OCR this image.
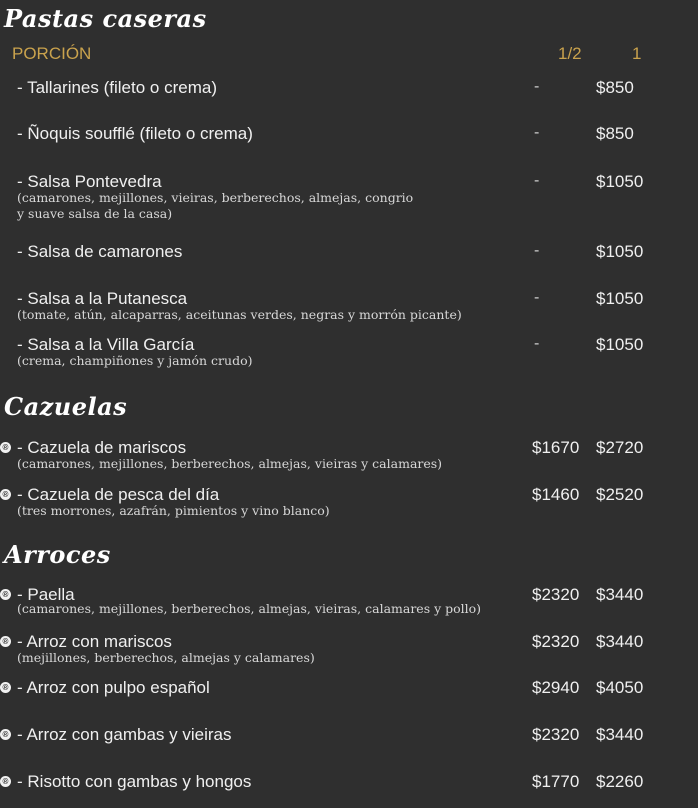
Pastas caseras
PORCIÓN	1/2	1
- Tallarines (fileto o crema)	-	$850
- Ñoquis soufflé (fileto o crema)	-	$850
- Salsa Pontevedra
(camarones, mejillones, vieiras, berberechos, almejas, congrio
y suave salsa de la casa)
-	$1050
- Salsa de camarones	-	$1050
- Salsa a la Putanesca
(tomate, atún, alcaparras, aceitunas verdes, negras y morrón picante)
-	$1050
- Salsa a la Villa García
(crema, champiñones y jamón crudo)
-	$1050
Cazuelas
® - Cazuela de mariscos
(camarones, mejillones, berberechos, almejas, vieiras y calamares)
$1670 $2720
® - Cazuela de pesca del día
(tres morrones, azafrán, pimientos y vino blanco)
$1460 $2520
Arroces
® - Paella
(camarones, mejillones, berberechos, almejas, vieiras, calamares y pollo)
$2320 $3440
® - Arroz con mariscos
(mejillones, berberechos, almejas y calamares)
$2320 $3440
® - Arroz con pulpo español	$2940 $4050
® - Arroz con gambas y vieiras	$2320 $3440
® - Risotto con gambas y hongos	$1770 $2260
